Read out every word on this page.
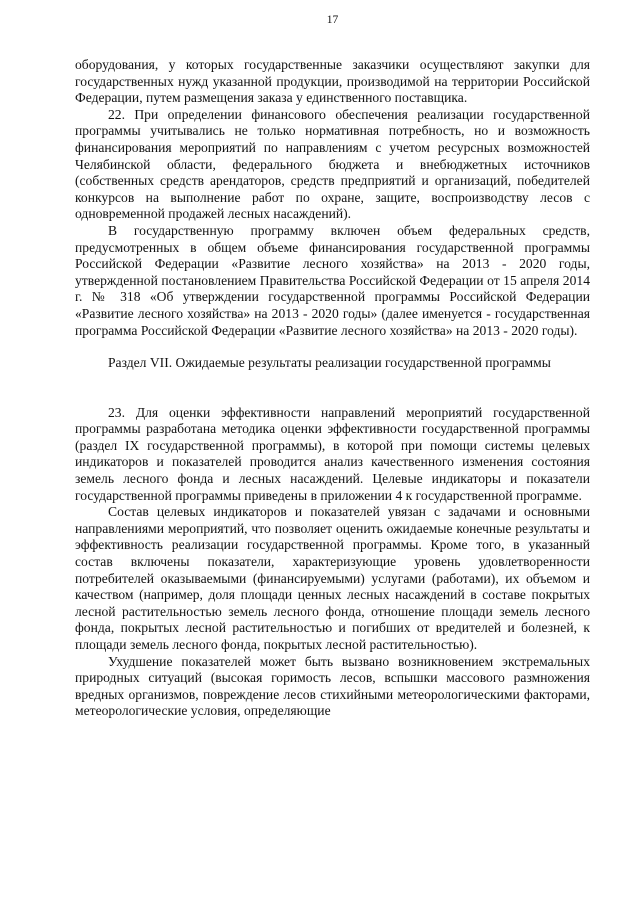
17

оборудования, у которых государственные заказчики осуществляют закупки для государственных нужд указанной продукции, производимой на территории Российской Федерации, путем размещения заказа у единственного поставщика.

22. При определении финансового обеспечения реализации государственной программы учитывались не только нормативная потребность, но и возможность финансирования мероприятий по направлениям с учетом ресурсных возможностей Челябинской области, федерального бюджета и внебюджетных источников (собственных средств арендаторов, средств предприятий и организаций, победителей конкурсов на выполнение работ по охране, защите, воспроизводству лесов с одновременной продажей лесных насаждений).

В государственную программу включен объем федеральных средств, предусмотренных в общем объеме финансирования государственной программы Российской Федерации «Развитие лесного хозяйства» на 2013 - 2020 годы, утвержденной постановлением Правительства Российской Федерации от 15 апреля 2014 г. № 318 «Об утверждении государственной программы Российской Федерации «Развитие лесного хозяйства» на 2013 - 2020 годы» (далее именуется - государственная программа Российской Федерации «Развитие лесного хозяйства» на 2013 - 2020 годы).

Раздел VII. Ожидаемые результаты реализации государственной программы

23. Для оценки эффективности направлений мероприятий государственной программы разработана методика оценки эффективности государственной программы (раздел IX государственной программы), в которой при помощи системы целевых индикаторов и показателей проводится анализ качественного изменения состояния земель лесного фонда и лесных насаждений. Целевые индикаторы и показатели государственной программы приведены в приложении 4 к государственной программе.

Состав целевых индикаторов и показателей увязан с задачами и основными направлениями мероприятий, что позволяет оценить ожидаемые конечные результаты и эффективность реализации государственной программы. Кроме того, в указанный состав включены показатели, характеризующие уровень удовлетворенности потребителей оказываемыми (финансируемыми) услугами (работами), их объемом и качеством (например, доля площади ценных лесных насаждений в составе покрытых лесной растительностью земель лесного фонда, отношение площади земель лесного фонда, покрытых лесной растительностью и погибших от вредителей и болезней, к площади земель лесного фонда, покрытых лесной растительностью).

Ухудшение показателей может быть вызвано возникновением экстремальных природных ситуаций (высокая горимость лесов, вспышки массового размножения вредных организмов, повреждение лесов стихийными метеорологическими факторами, метеорологические условия, определяющие
